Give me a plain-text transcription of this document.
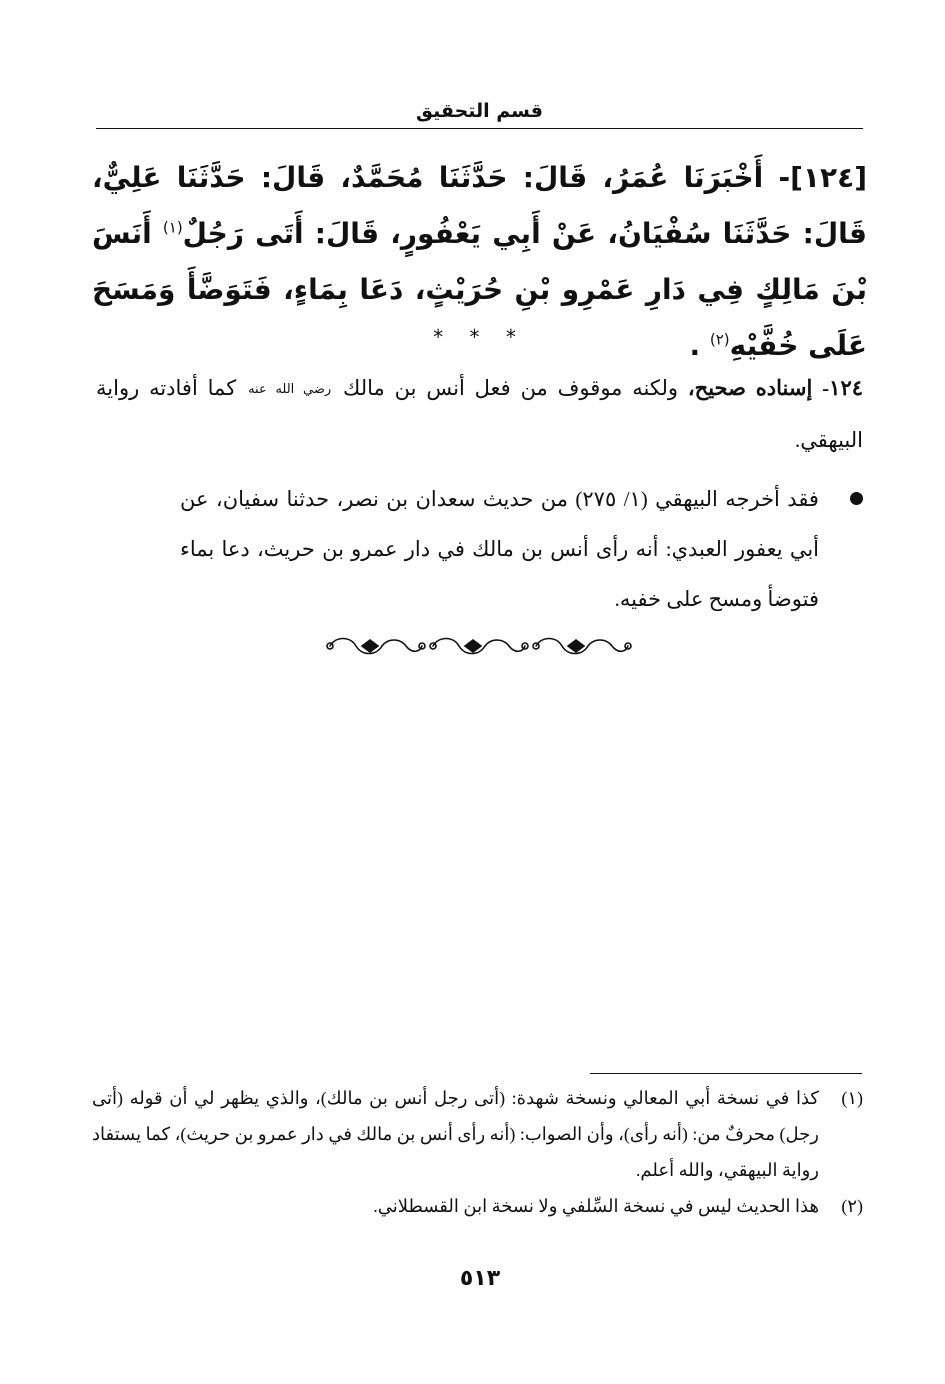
قسم التحقيق

[١٢٤]- أَخْبَرَنَا عُمَرُ، قَالَ: حَدَّثَنَا مُحَمَّدٌ، قَالَ: حَدَّثَنَا عَلِيٌّ، قَالَ: حَدَّثَنَا سُفْيَانُ، عَنْ أَبِي يَعْفُورٍ، قَالَ: أَتَى رَجُلٌ$^{(١)}$ أَنَسَ بْنَ مَالِكٍ فِي دَارِ عَمْرِو بْنِ حُرَيْثٍ، دَعَا بِمَاءٍ، فَتَوَضَّأَ وَمَسَحَ عَلَى خُفَّيْهِ$^{(٢)}$ .

* * *

١٢٤- إسناده صحيح، ولكنه موقوف من فعل أنس بن مالك رضي الله عنه كما أفادته رواية البيهقي.

فقد أخرجه البيهقي (١/ ٢٧٥) من حديث سعدان بن نصر، حدثنا سفيان، عن أبي يعفور العبدي: أنه رأى أنس بن مالك في دار عمرو بن حريث، دعا بماء فتوضأ ومسح على خفيه.
(١)
كذا في نسخة أبي المعالي ونسخة شهدة: (أتى رجل أنس بن مالك)، والذي يظهر لي أن قوله (أتى رجل) محرفٌ من: (أنه رأى)، وأن الصواب: (أنه رأى أنس بن مالك في دار عمرو بن حريث)، كما يستفاد رواية البيهقي، والله أعلم.
(٢)
هذا الحديث ليس في نسخة السِّلفي ولا نسخة ابن القسطلاني.
٥١٣
